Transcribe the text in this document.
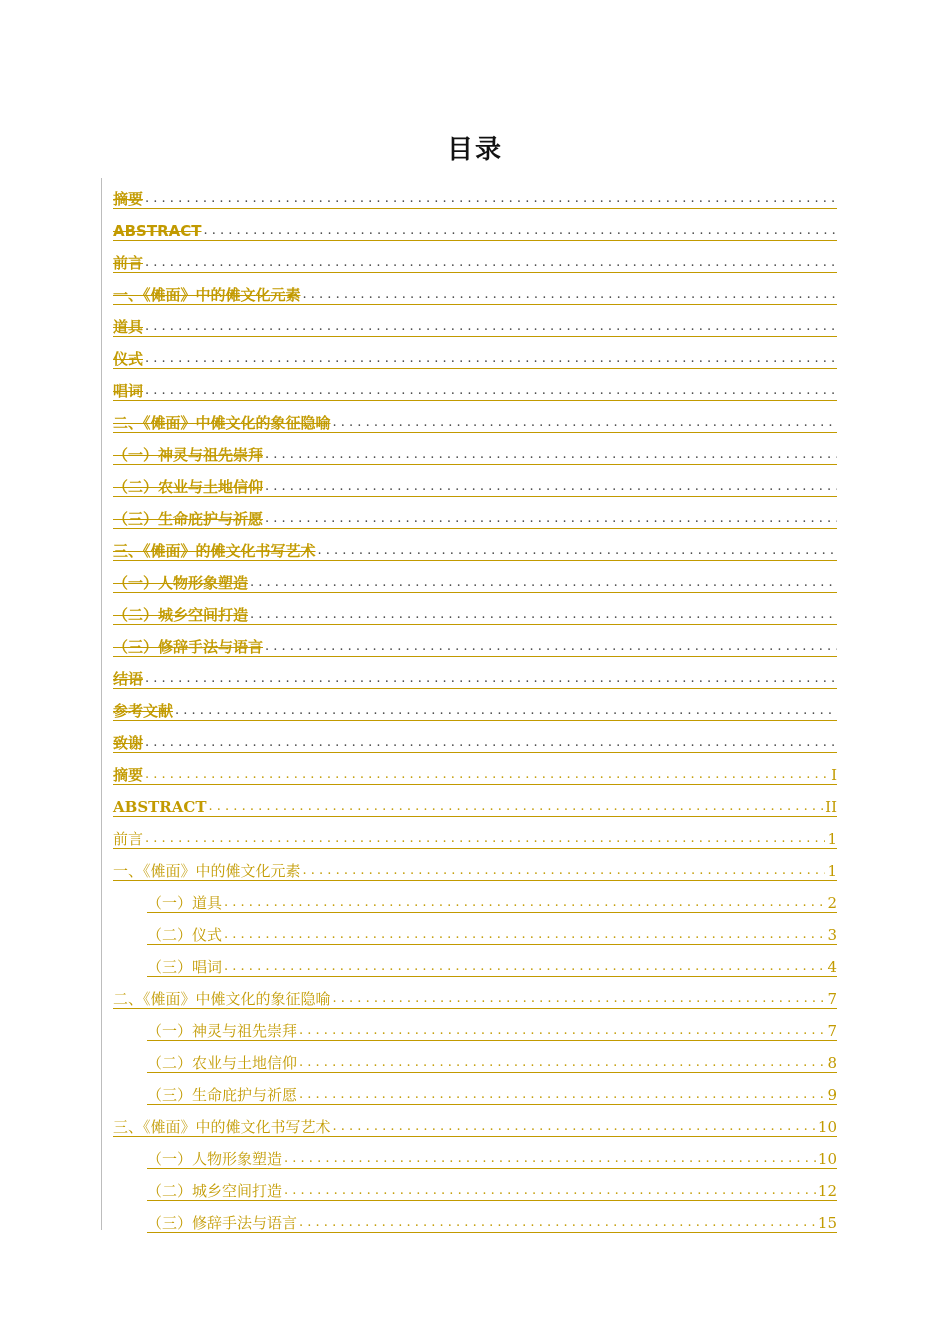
目录
摘要
. . .
ABSTRACT
. . .
前言
. . .
一、《傩面》中的傩文化元素
. . .
道具
. . .
仪式
. . .
唱词
. . .
二、《傩面》中傩文化的象征隐喻
. . .
（一）神灵与祖先崇拜
. . .
（二）农业与土地信仰
. . .
（三）生命庇护与祈愿
. . .
三、《傩面》的傩文化书写艺术
. . .
（一）人物形象塑造
. . .
（二）城乡空间打造
. . .
（三）修辞手法与语言
. . .
结语
. . .
参考文献
. . .
致谢
. . .
摘要 . . .	I
ABSTRACT . . .	II
前言 . . .	1
一、《傩面》中的傩文化元素 . . .	1
（一）道具 . . .	2
（二）仪式 . . .	3
（三）唱词 . . .	4
二、《傩面》中傩文化的象征隐喻 . . .	7
（一）神灵与祖先崇拜 . . .	7
（二）农业与土地信仰 . . .	8
（三）生命庇护与祈愿 . . .	9
三、《傩面》中的傩文化书写艺术 . . .	10
（一）人物形象塑造 . . .	10
（二）城乡空间打造 . . .	12
（三）修辞手法与语言 . . .	15
